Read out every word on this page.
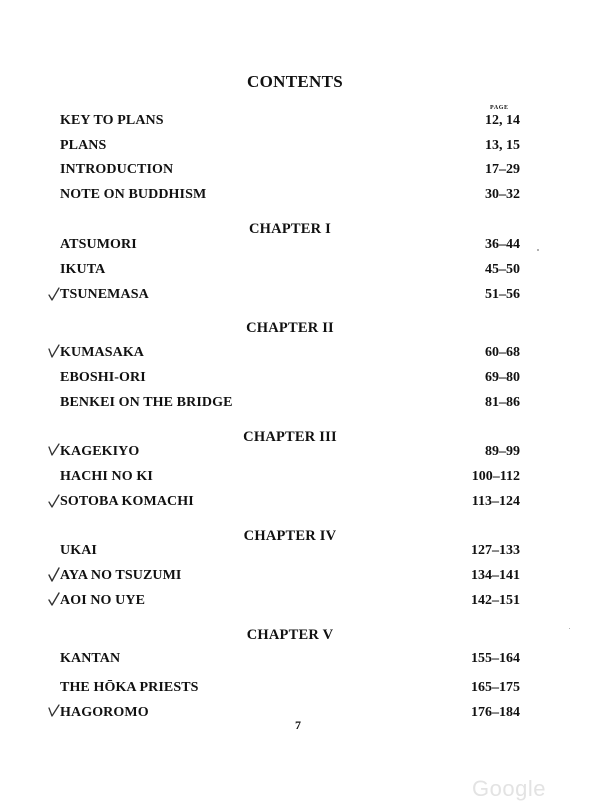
CONTENTS
PAGE
KEY TO PLANS	12, 14
PLANS	13, 15
INTRODUCTION	17–29
NOTE ON BUDDHISM	30–32
CHAPTER I
ATSUMORI	36–44
IKUTA	45–50
TSUNEMASA	51–56
CHAPTER II
KUMASAKA	60–68
EBOSHI-ORI	69–80
BENKEI ON THE BRIDGE	81–86
CHAPTER III
KAGEKIYO	89–99
HACHI NO KI	100–112
SOTOBA KOMACHI	113–124
CHAPTER IV
UKAI	127–133
AYA NO TSUZUMI	134–141
AOI NO UYE	142–151
CHAPTER V
KANTAN	155–164
THE HŌKA PRIESTS	165–175
HAGOROMO	176–184
7
Google
